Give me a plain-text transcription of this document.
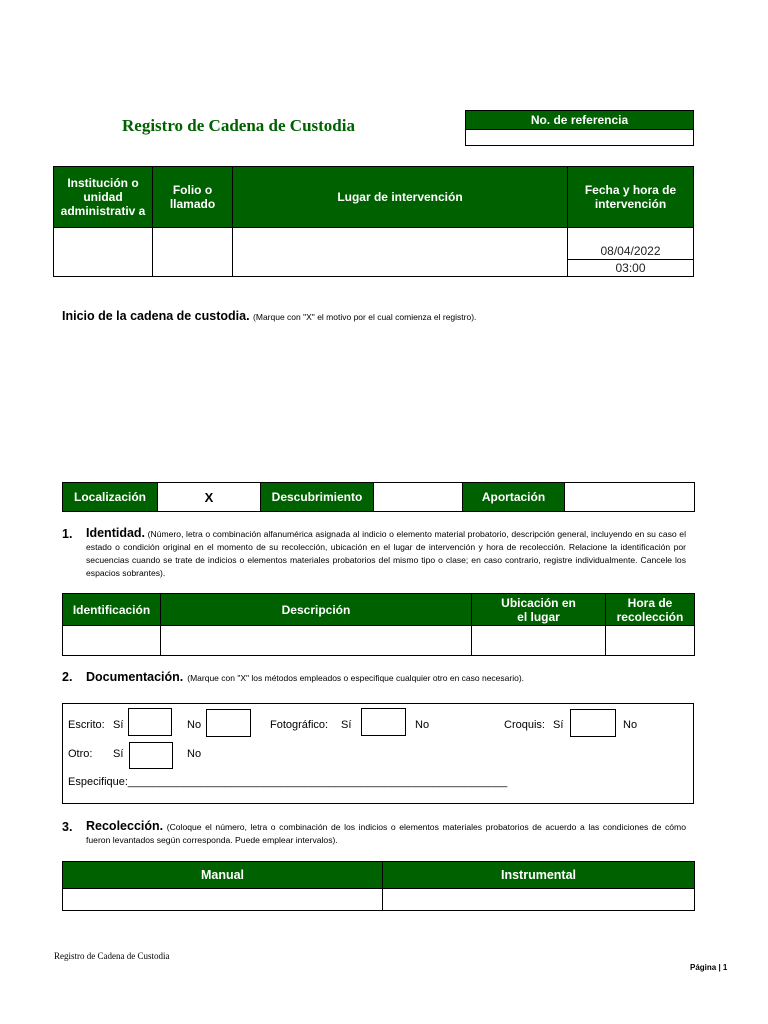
Registro de Cadena de Custodia	No. de referencia
Institución o unidad administrativ a	Folio o llamado	Lugar de intervención	Fecha y hora de intervención

			08/04/2022
03:00
Inicio de la cadena de custodia. (Marque con "X" el motivo por el cual comienza el registro).
Localización	X	Descubrimiento		Aportación	
1.	Identidad. (Número, letra o combinación alfanumérica asignada al indicio o elemento material probatorio, descripción general, incluyendo en su caso el estado o condición original en el momento de su recolección, ubicación en el lugar de intervención y hora de recolección. Relacione la identificación por secuencias cuando se trate de indicios o elementos materiales probatorios del mismo tipo o clase; en caso contrario, registre individualmente. Cancele los espacios sobrantes).
Identificación	Descripción	Ubicación en el lugar	Hora de recolección

2.	Documentación. (Marque con "X" los métodos empleados o especifique cualquier otro en caso necesario).
Escrito: Sí	No	Fotográfico: Sí	No	Croquis: Sí	No
Otro: Sí	No
Especifique:______________________________________________________________
3.	Recolección. (Coloque el número, letra o combinación de los indicios o elementos materiales probatorios de acuerdo a las condiciones de cómo fueron levantados según corresponda. Puede emplear intervalos).
Manual	Instrumental

Registro de Cadena de Custodia
Página | 1
